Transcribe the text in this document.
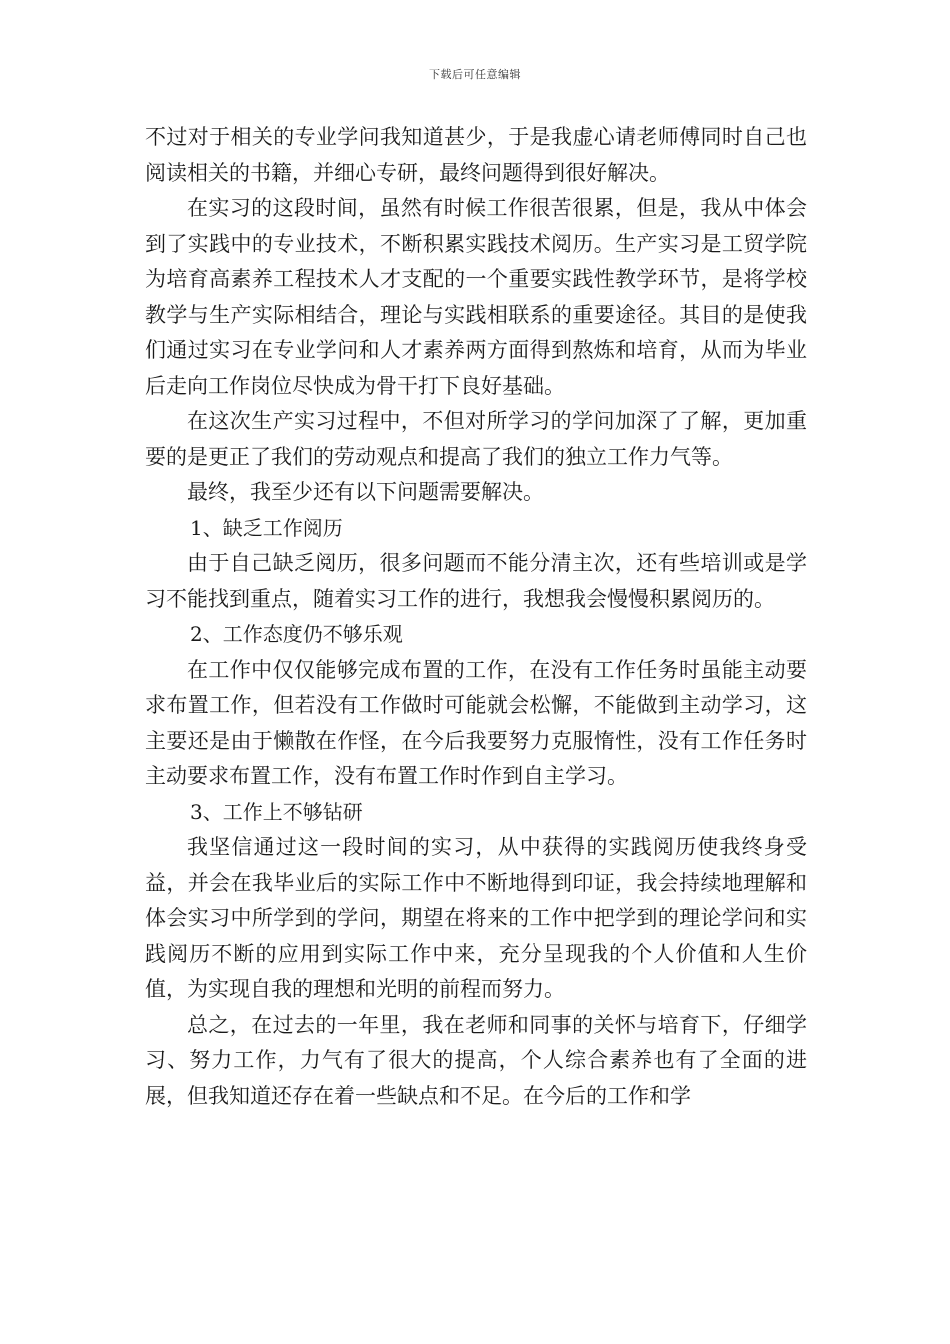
下载后可任意编辑

不过对于相关的专业学问我知道甚少，于是我虚心请老师傅同时自己也阅读相关的书籍，并细心专研，最终问题得到很好解决。

在实习的这段时间，虽然有时候工作很苦很累，但是，我从中体会到了实践中的专业技术，不断积累实践技术阅历。生产实习是工贸学院为培育高素养工程技术人才支配的一个重要实践性教学环节，是将学校教学与生产实际相结合，理论与实践相联系的重要途径。其目的是使我们通过实习在专业学问和人才素养两方面得到熬炼和培育，从而为毕业后走向工作岗位尽快成为骨干打下良好基础。

在这次生产实习过程中，不但对所学习的学问加深了了解，更加重要的是更正了我们的劳动观点和提高了我们的独立工作力气等。

最终，我至少还有以下问题需要解决。

1、缺乏工作阅历

由于自己缺乏阅历，很多问题而不能分清主次，还有些培训或是学习不能找到重点，随着实习工作的进行，我想我会慢慢积累阅历的。

2、工作态度仍不够乐观

在工作中仅仅能够完成布置的工作，在没有工作任务时虽能主动要求布置工作，但若没有工作做时可能就会松懈，不能做到主动学习，这主要还是由于懒散在作怪，在今后我要努力克服惰性，没有工作任务时主动要求布置工作，没有布置工作时作到自主学习。

3、工作上不够钻研

我坚信通过这一段时间的实习，从中获得的实践阅历使我终身受益，并会在我毕业后的实际工作中不断地得到印证，我会持续地理解和体会实习中所学到的学问，期望在将来的工作中把学到的理论学问和实践阅历不断的应用到实际工作中来，充分呈现我的个人价值和人生价值，为实现自我的理想和光明的前程而努力。

总之，在过去的一年里，我在老师和同事的关怀与培育下，仔细学习、努力工作，力气有了很大的提高，个人综合素养也有了全面的进展，但我知道还存在着一些缺点和不足。在今后的工作和学
